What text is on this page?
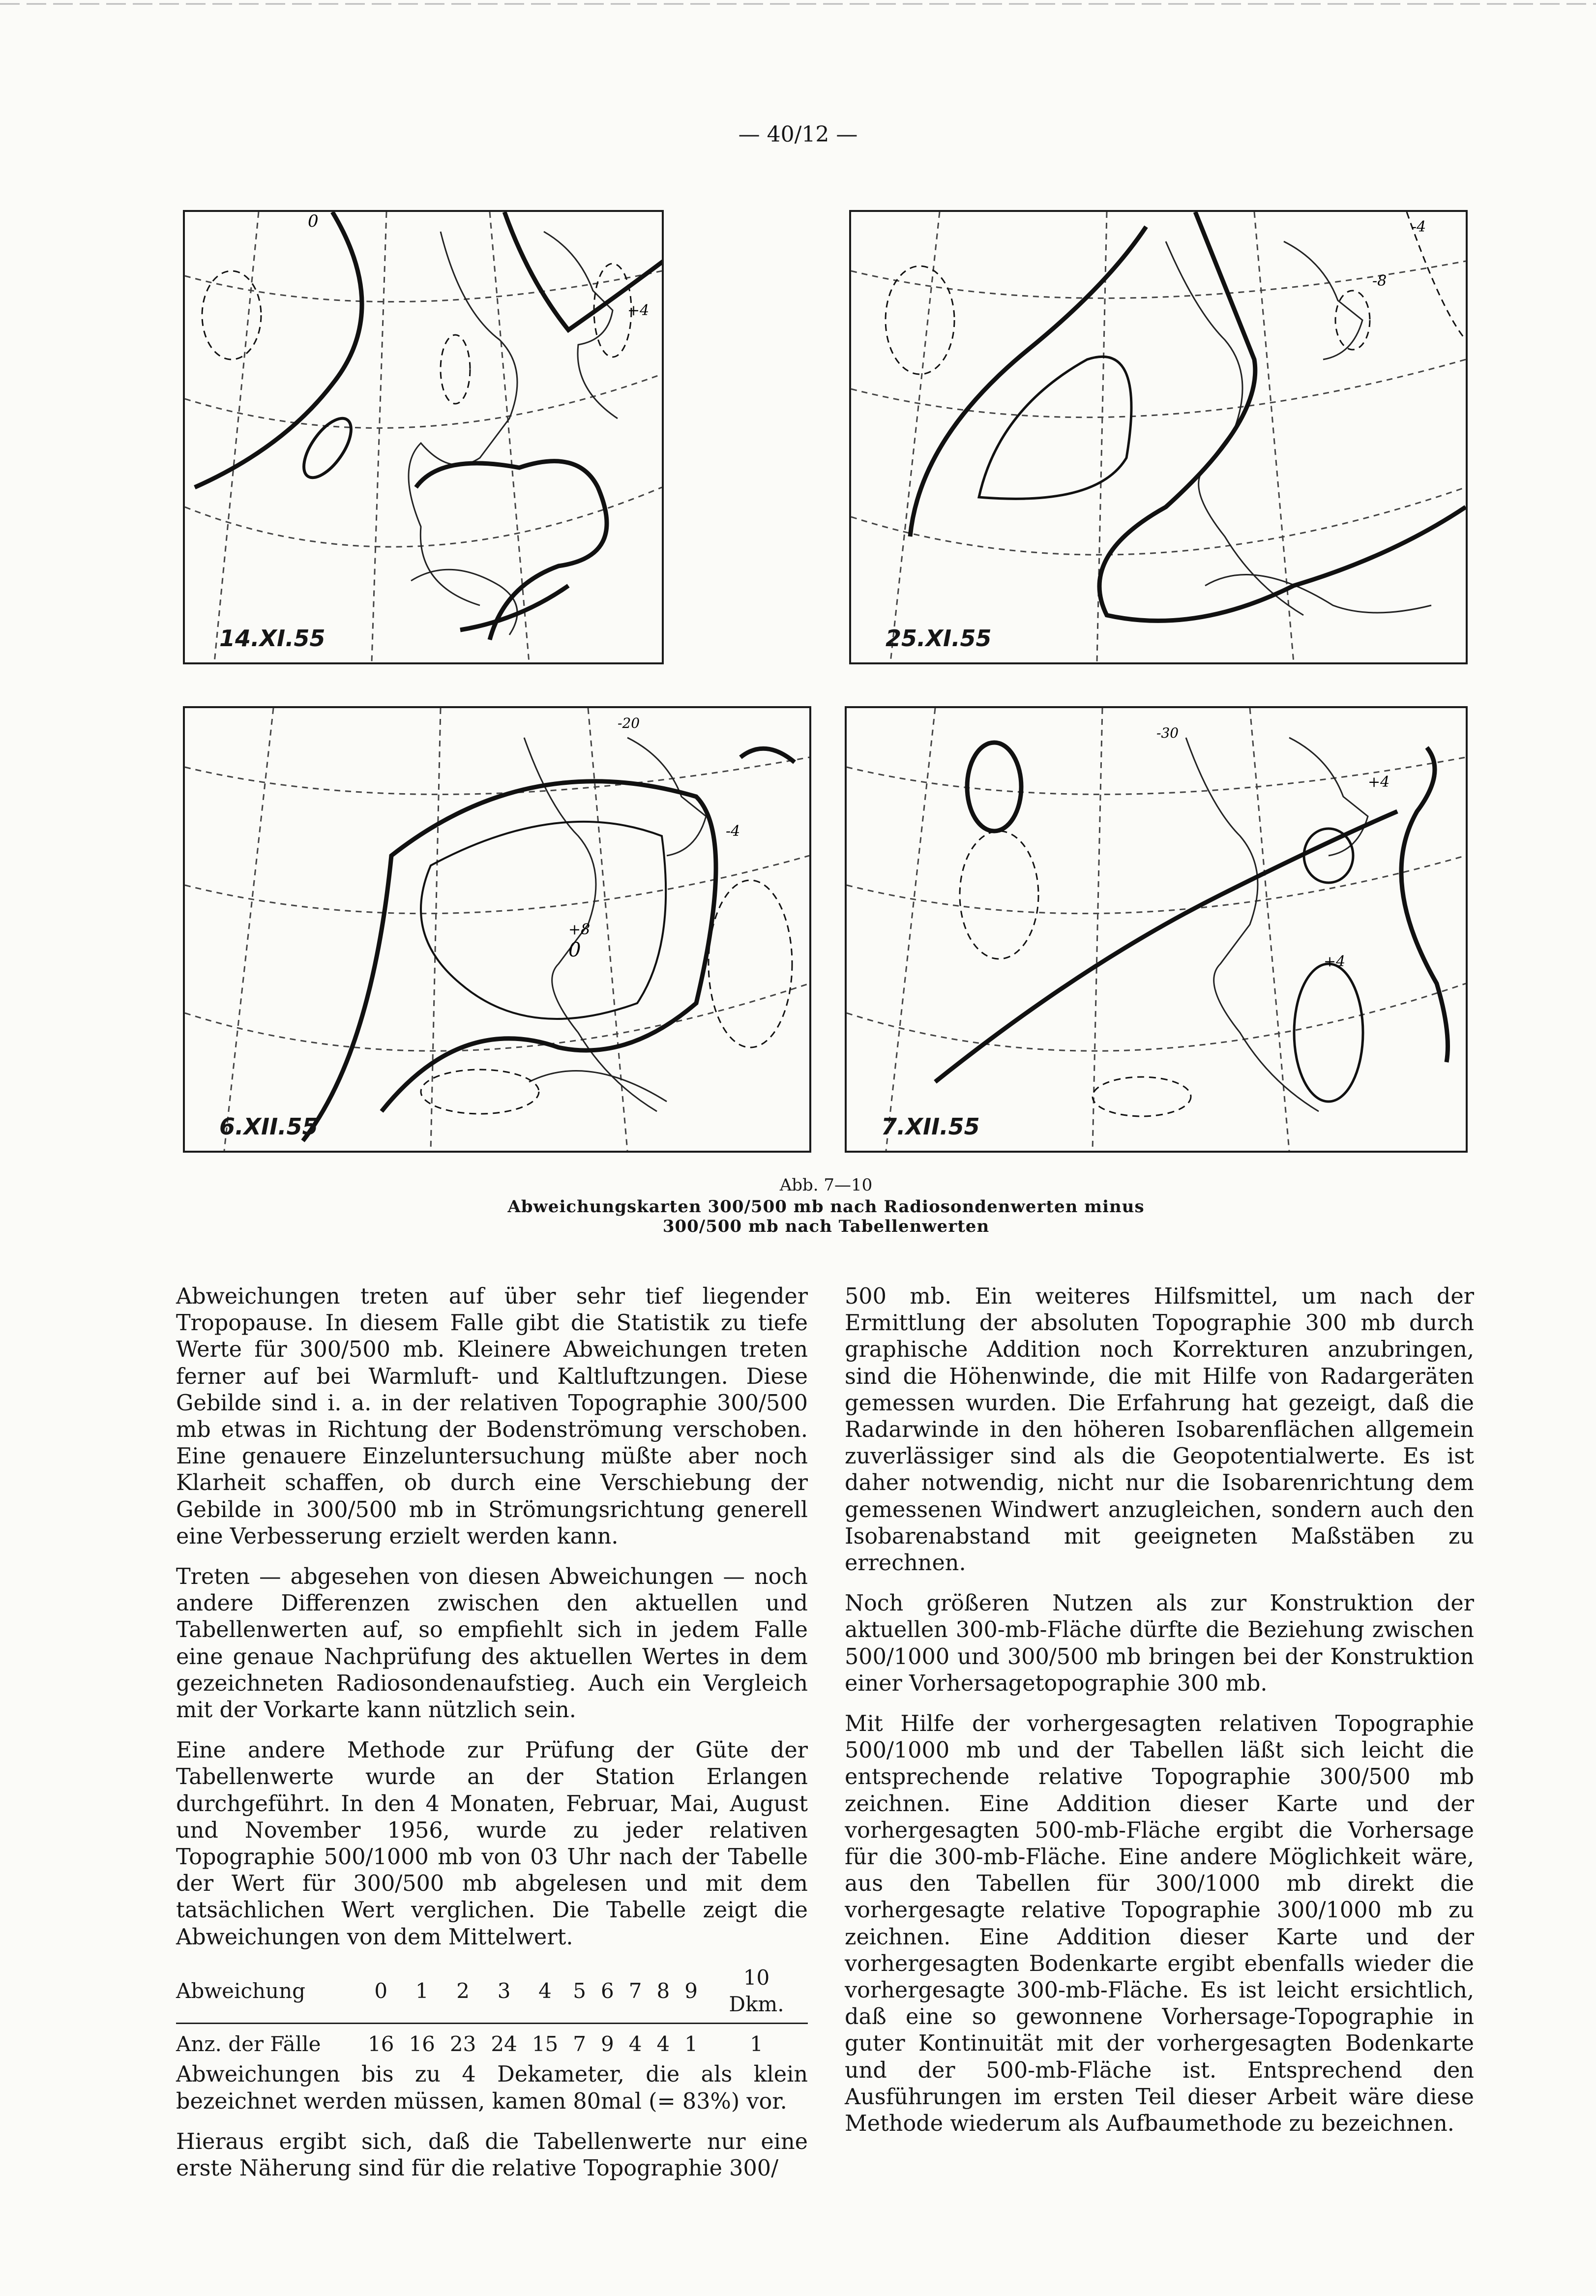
— 40/12 —
0
+4
14.XI.55
-8
-4
25.XI.55
0
+8
-4
-20
6.XII.55
+4
+4
-30
7.XII.55
Abb. 7—10
Abweichungskarten 300/500 mb nach Radiosondenwerten minus
300/500 mb nach Tabellenwerten

Abweichungen treten auf über sehr tief liegender Tropopause. In diesem Falle gibt die Statistik zu tiefe Werte für 300/500 mb. Kleinere Abweichungen treten ferner auf bei Warmluft- und Kaltluftzungen. Diese Gebilde sind i. a. in der relativen Topographie 300/500 mb etwas in Richtung der Bodenströmung verschoben. Eine genauere Einzeluntersuchung müßte aber noch Klarheit schaffen, ob durch eine Verschiebung der Gebilde in 300/500 mb in Strömungsrichtung generell eine Verbesserung erzielt werden kann.

Treten — abgesehen von diesen Abweichungen — noch andere Differenzen zwischen den aktuellen und Tabellenwerten auf, so empfiehlt sich in jedem Falle eine genaue Nachprüfung des aktuellen Wertes in dem gezeichneten Radiosondenaufstieg. Auch ein Vergleich mit der Vorkarte kann nützlich sein.

Eine andere Methode zur Prüfung der Güte der Tabellenwerte wurde an der Station Erlangen durchgeführt. In den 4 Monaten, Februar, Mai, August und November 1956, wurde zu jeder relativen Topographie 500/1000 mb von 03 Uhr nach der Tabelle der Wert für 300/500 mb abgelesen und mit dem tatsächlichen Wert verglichen. Die Tabelle zeigt die Abweichungen von dem Mittelwert.

Abweichung	0	1	2	3	4	5	6	7	8	9	10 Dkm.
Anz. der Fälle	16	16	23	24	15	7	9	4	4	1	1

Abweichungen bis zu 4 Dekameter, die als klein bezeichnet werden müssen, kamen 80mal (= 83%) vor.

Hieraus ergibt sich, daß die Tabellenwerte nur eine erste Näherung sind für die relative Topographie 300/

500 mb. Ein weiteres Hilfsmittel, um nach der Ermittlung der absoluten Topographie 300 mb durch graphische Addition noch Korrekturen anzubringen, sind die Höhenwinde, die mit Hilfe von Radargeräten gemessen wurden. Die Erfahrung hat gezeigt, daß die Radarwinde in den höheren Isobarenflächen allgemein zuverlässiger sind als die Geopotentialwerte. Es ist daher notwendig, nicht nur die Isobarenrichtung dem gemessenen Windwert anzugleichen, sondern auch den Isobarenabstand mit geeigneten Maßstäben zu errechnen.

Noch größeren Nutzen als zur Konstruktion der aktuellen 300-mb-Fläche dürfte die Beziehung zwischen 500/1000 und 300/500 mb bringen bei der Konstruktion einer Vorhersagetopographie 300 mb.

Mit Hilfe der vorhergesagten relativen Topographie 500/1000 mb und der Tabellen läßt sich leicht die entsprechende relative Topographie 300/500 mb zeichnen. Eine Addition dieser Karte und der vorhergesagten 500-mb-Fläche ergibt die Vorhersage für die 300-mb-Fläche. Eine andere Möglichkeit wäre, aus den Tabellen für 300/1000 mb direkt die vorhergesagte relative Topographie 300/1000 mb zu zeichnen. Eine Addition dieser Karte und der vorhergesagten Bodenkarte ergibt ebenfalls wieder die vorhergesagte 300-mb-Fläche. Es ist leicht ersichtlich, daß eine so gewonnene Vorhersage-Topographie in guter Kontinuität mit der vorhergesagten Bodenkarte und der 500-mb-Fläche ist. Entsprechend den Ausführungen im ersten Teil dieser Arbeit wäre diese Methode wiederum als Aufbaumethode zu bezeichnen.
